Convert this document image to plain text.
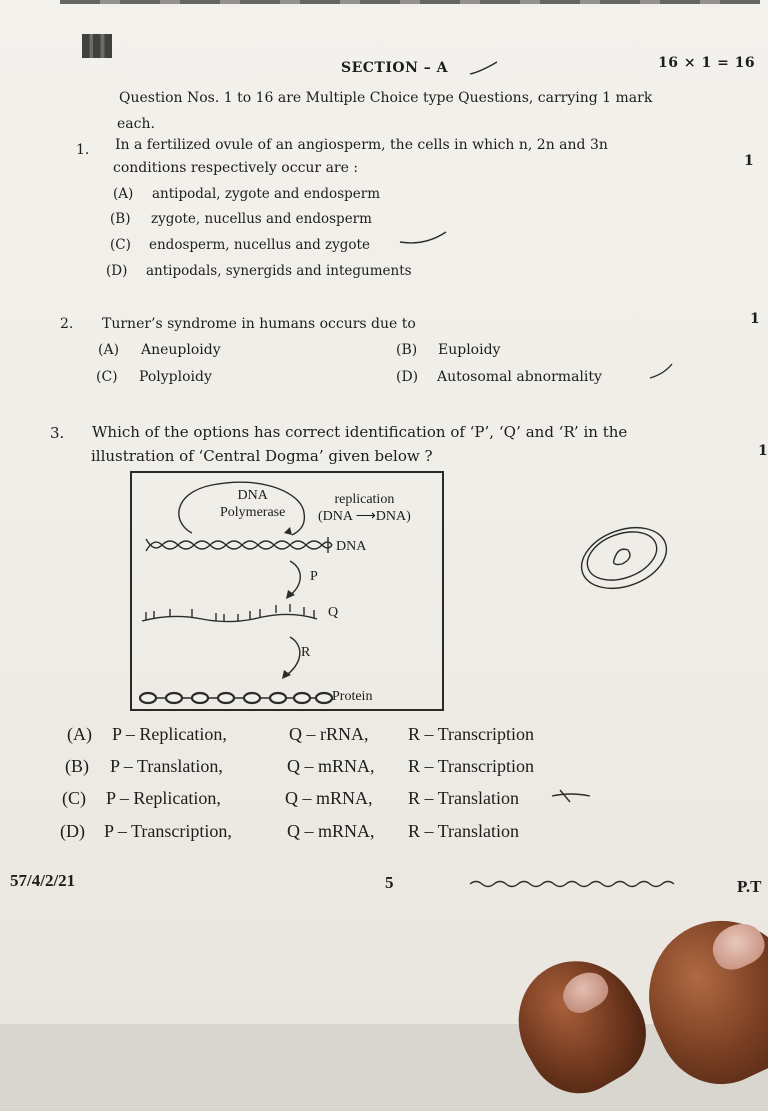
SECTION – A	16 × 1 = 16
Question Nos. 1 to 16 are Multiple Choice type Questions, carrying 1 mark
each.
1. In a fertilized ovule of an angiosperm, the cells in which n, 2n and 3n
conditions respectively occur are :	1
(A) antipodal, zygote and endosperm
(B) zygote, nucellus and endosperm
(C) endosperm, nucellus and zygote
(D) antipodals, synergids and integuments
2. Turner’s syndrome in humans occurs due to	1
(A) Aneuploidy	(B) Euploidy
(C) Polyploidy	(D) Autosomal abnormality
3. Which of the options has correct identification of ‘P’, ‘Q’ and ‘R’ in the
illustration of ‘Central Dogma’ given below ?	1
DNA
Polymerase
replication
(DNA ⟶DNA)
DNA
P
Q
R
Protein
(A) P – Replication,	Q – rRNA, R – Transcription
(B) P – Translation,	Q – mRNA, R – Transcription
(C) P – Replication,	Q – mRNA, R – Translation
(D) P – Transcription,	Q – mRNA, R – Translation
57/4/2/21	5	P.T
